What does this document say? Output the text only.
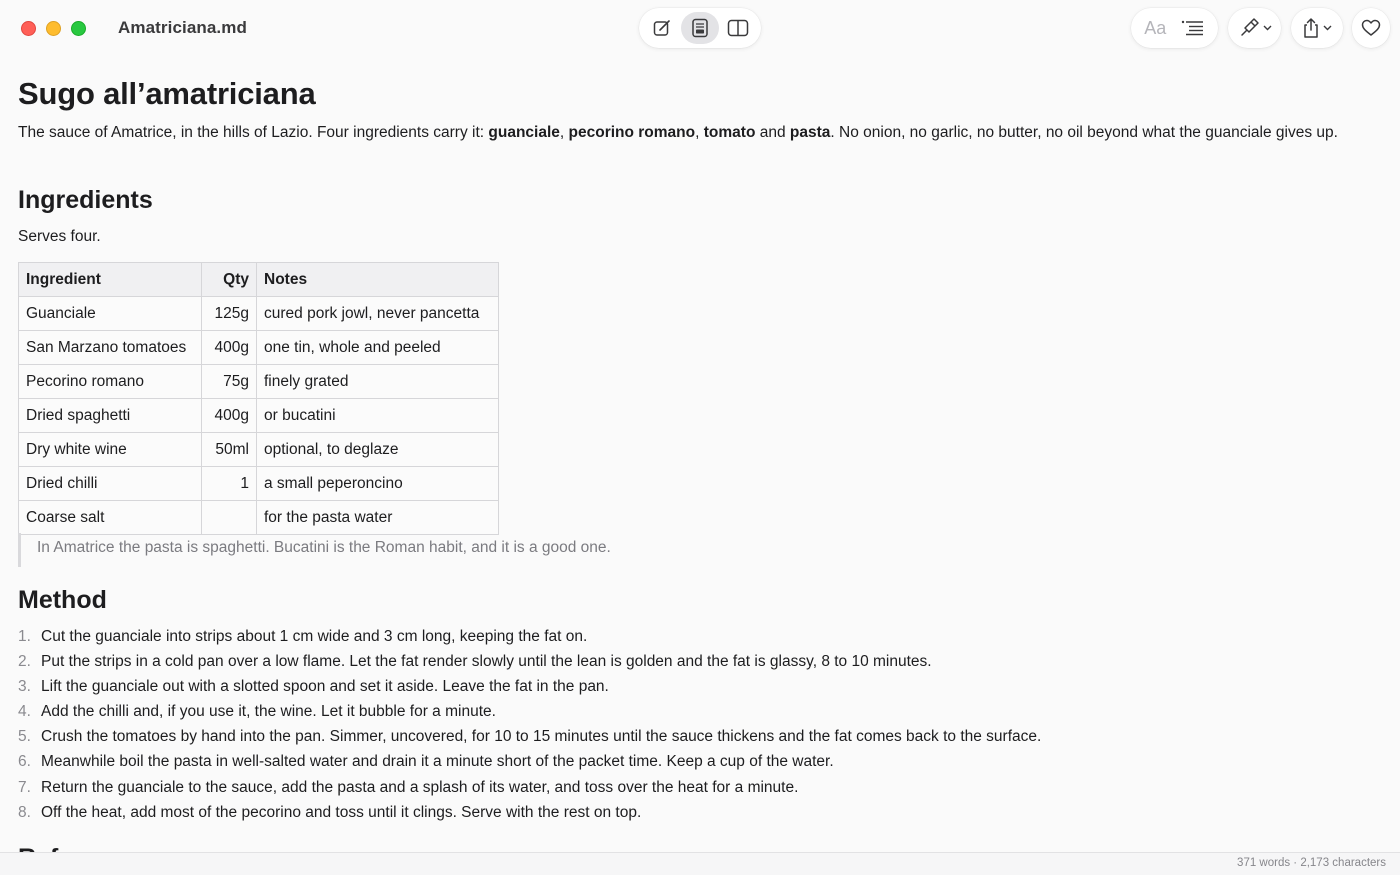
Amatriciana.md	Aa
Sugo all’amatriciana

The sauce of Amatrice, in the hills of Lazio. Four ingredients carry it: guanciale, pecorino romano, tomato and pasta. No onion, no garlic, no butter, no oil beyond what the guanciale gives up.

Ingredients

Serves four.

Ingredient	Qty	Notes
Guanciale	125g	cured pork jowl, never pancetta
San Marzano tomatoes	400g	one tin, whole and peeled
Pecorino romano	75g	finely grated
Dried spaghetti	400g	or bucatini
Dry white wine	50ml	optional, to deglaze
Dried chilli	1	a small peperoncino
Coarse salt		for the pasta water
In Amatrice the pasta is spaghetti. Bucatini is the Roman habit, and it is a good one.
Method
1. Cut the guanciale into strips about 1 cm wide and 3 cm long, keeping the fat on.
2. Put the strips in a cold pan over a low flame. Let the fat render slowly until the lean is golden and the fat is glassy, 8 to 10 minutes.
3. Lift the guanciale out with a slotted spoon and set it aside. Leave the fat in the pan.
4. Add the chilli and, if you use it, the wine. Let it bubble for a minute.
5. Crush the tomatoes by hand into the pan. Simmer, uncovered, for 10 to 15 minutes until the sauce thickens and the fat comes back to the surface.
6. Meanwhile boil the pasta in well-salted water and drain it a minute short of the packet time. Keep a cup of the water.
7. Return the guanciale to the sauce, add the pasta and a splash of its water, and toss over the heat for a minute.
8. Off the heat, add most of the pecorino and toss until it clings. Serve with the rest on top.
371 words · 2,173 characters
